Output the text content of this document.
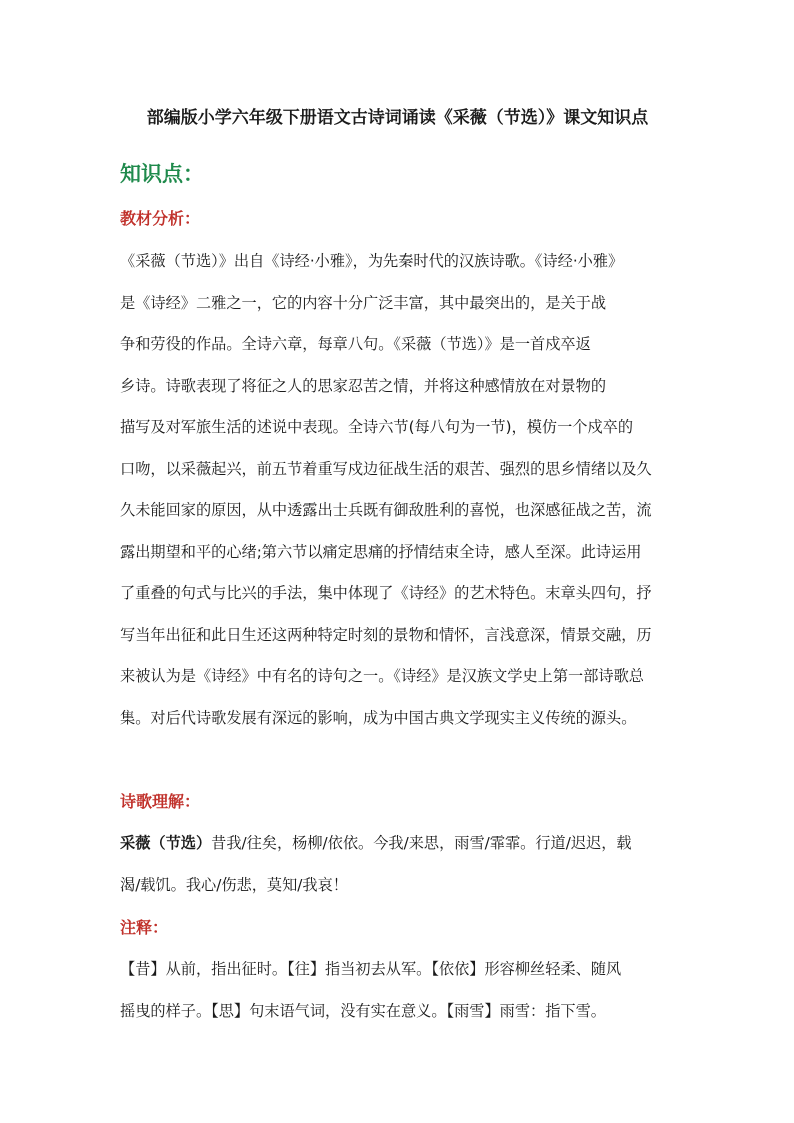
部编版小学六年级下册语文古诗词诵读《采薇（节选）》课文知识点
知识点：
教材分析：
《采薇（节选）》出自《诗经·小雅》，为先秦时代的汉族诗歌。《诗经·小雅》
是《诗经》二雅之一，它的内容十分广泛丰富，其中最突出的，是关于战
争和劳役的作品。全诗六章，每章八句。《采薇（节选）》是一首戍卒返
乡诗。诗歌表现了将征之人的思家忍苦之情，并将这种感情放在对景物的
描写及对军旅生活的述说中表现。全诗六节(每八句为一节)，模仿一个戍卒的
口吻，以采薇起兴，前五节着重写戍边征战生活的艰苦、强烈的思乡情绪以及久
久未能回家的原因，从中透露出士兵既有御敌胜利的喜悦，也深感征战之苦，流
露出期望和平的心绪;第六节以痛定思痛的抒情结束全诗，感人至深。此诗运用
了重叠的句式与比兴的手法，集中体现了《诗经》的艺术特色。末章头四句，抒
写当年出征和此日生还这两种特定时刻的景物和情怀，言浅意深，情景交融，历
来被认为是《诗经》中有名的诗句之一。《诗经》是汉族文学史上第一部诗歌总
集。对后代诗歌发展有深远的影响，成为中国古典文学现实主义传统的源头。
诗歌理解：
采薇（节选）昔我/往矣，杨柳/依依。今我/来思，雨雪/霏霏。行道/迟迟，载
渴/载饥。我心/伤悲，莫知/我哀！
注释：
【昔】从前，指出征时。【往】指当初去从军。【依依】形容柳丝轻柔、随风
摇曳的样子。【思】句末语气词，没有实在意义。【雨雪】雨雪：指下雪。
